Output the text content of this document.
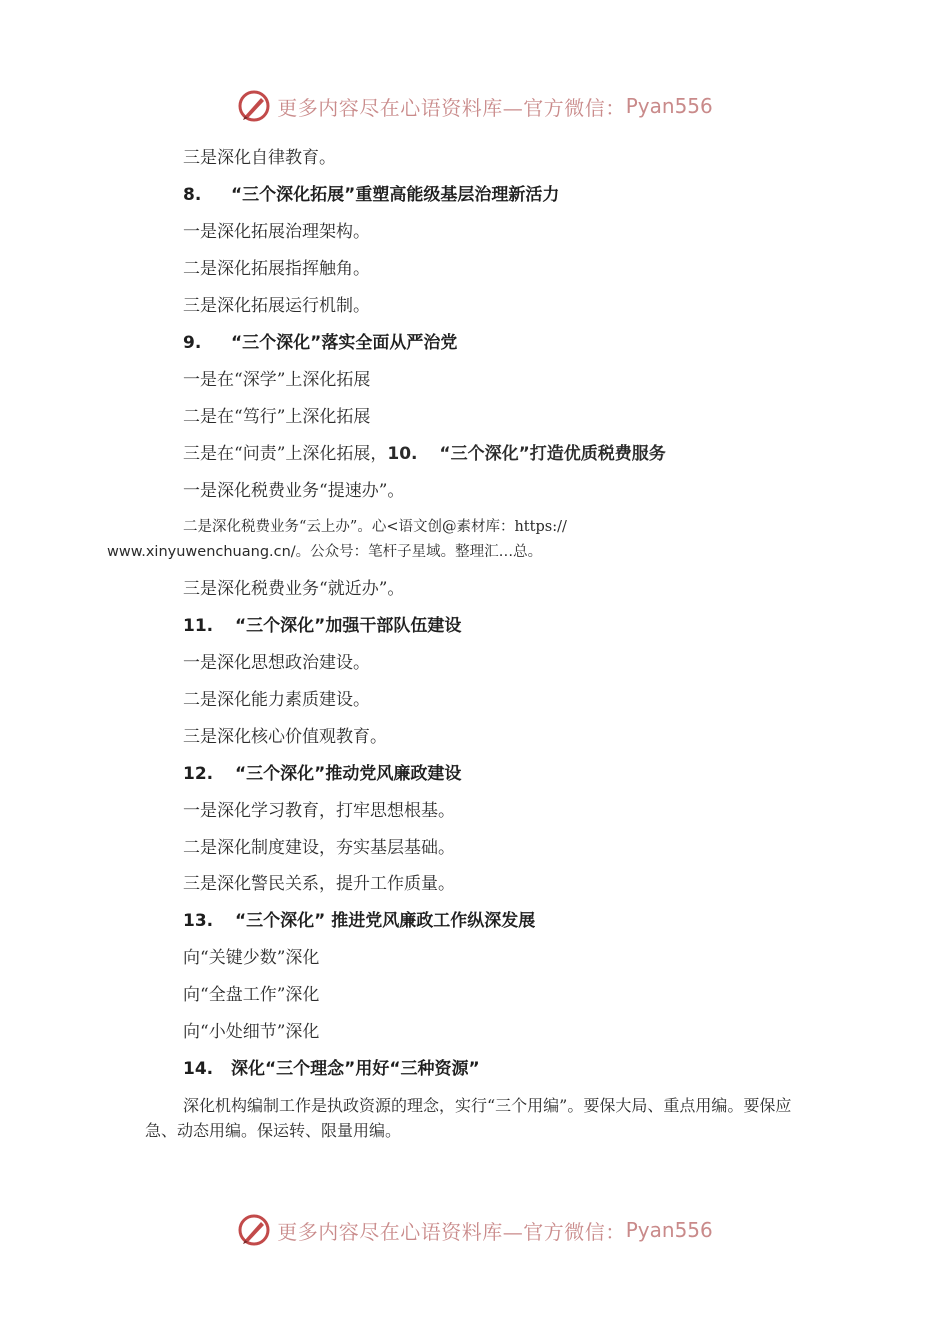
更多内容尽在心语资料库—官方微信： Pyan556
三是深化自律教育。
8. “三个深化拓展”重塑高能级基层治理新活力
一是深化拓展治理架构。
二是深化拓展指挥触角。
三是深化拓展运行机制。
9. “三个深化”落实全面从严治党
一是在“深学”上深化拓展
二是在“笃行”上深化拓展
三是在“问责”上深化拓展，10. “三个深化”打造优质税费服务
一是深化税费业务“提速办”。
二是深化税费业务“云上办”。心<语文创@素材库：https://
www.xinyuwenchuang.cn/。公众号：笔杆子星域。整理汇…总。
三是深化税费业务“就近办”。
11. “三个深化”加强干部队伍建设
一是深化思想政治建设。
二是深化能力素质建设。
三是深化核心价值观教育。
12. “三个深化”推动党风廉政建设
一是深化学习教育，打牢思想根基。
二是深化制度建设，夯实基层基础。
三是深化警民关系，提升工作质量。
13. “三个深化” 推进党风廉政工作纵深发展
向“关键少数”深化
向“全盘工作”深化
向“小处细节”深化
14. 深化“三个理念”用好“三种资源”
深化机构编制工作是执政资源的理念，实行“三个用编”。要保大局、重点用编。要保应急、动态用编。保运转、限量用编。
更多内容尽在心语资料库—官方微信： Pyan556
